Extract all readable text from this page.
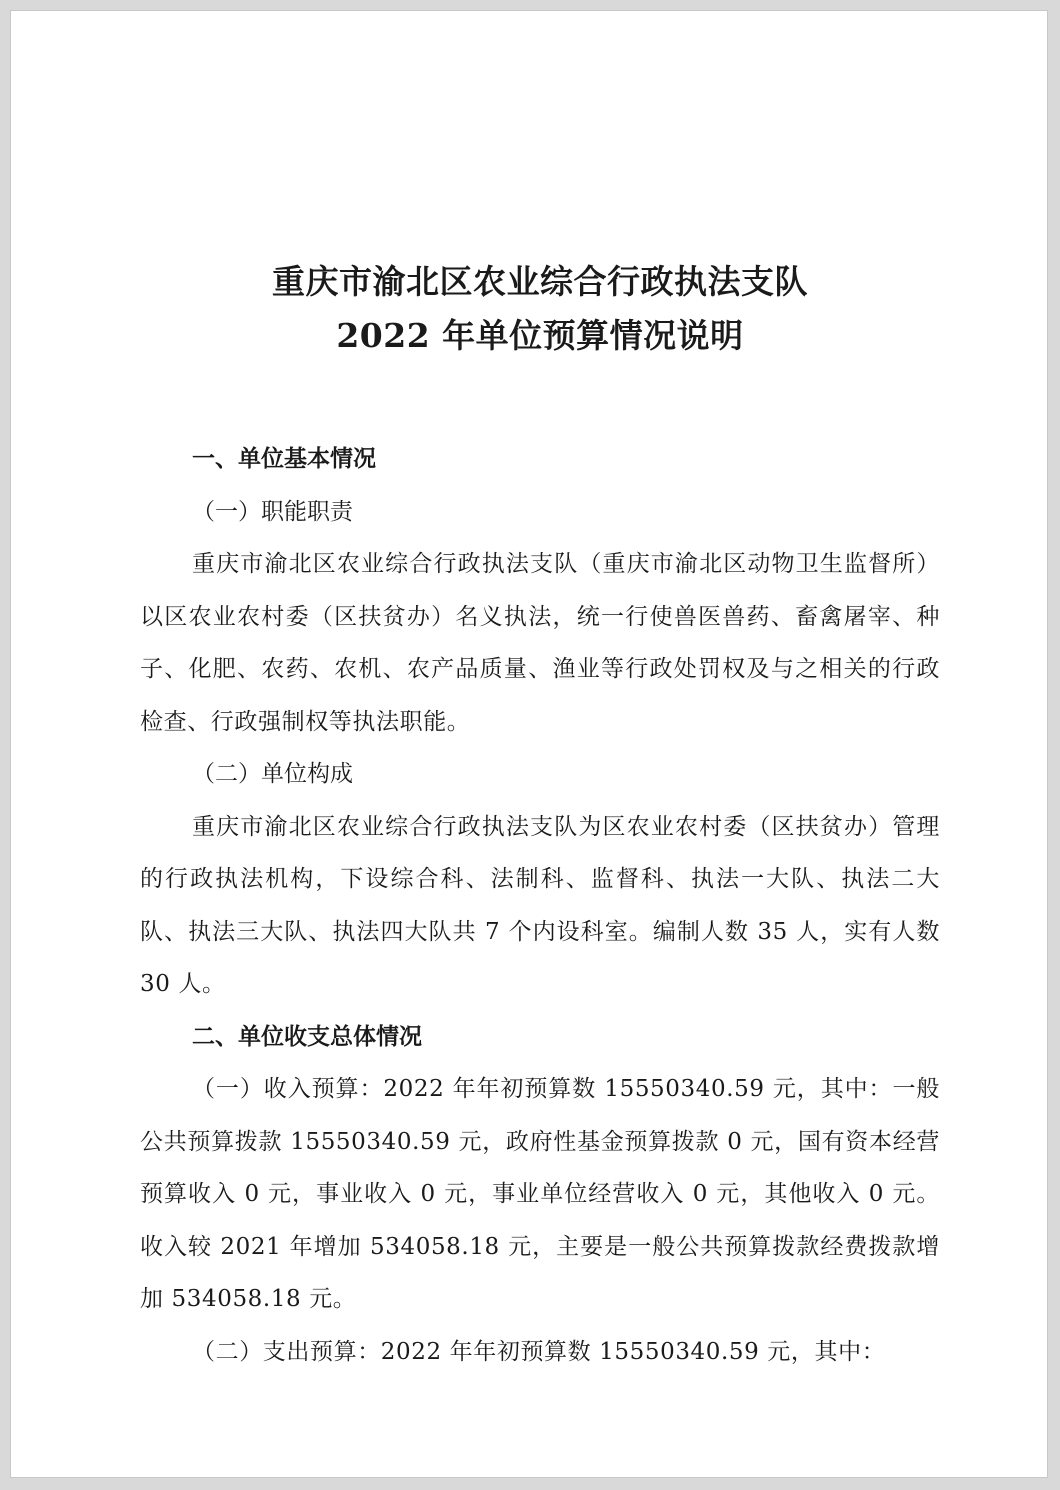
重庆市渝北区农业综合行政执法支队
2022 年单位预算情况说明

一、单位基本情况

（一）职能职责

重庆市渝北区农业综合行政执法支队（重庆市渝北区动物卫生监督所）以区农业农村委（区扶贫办）名义执法，统一行使兽医兽药、畜禽屠宰、种子、化肥、农药、农机、农产品质量、渔业等行政处罚权及与之相关的行政检查、行政强制权等执法职能。

（二）单位构成

重庆市渝北区农业综合行政执法支队为区农业农村委（区扶贫办）管理的行政执法机构，下设综合科、法制科、监督科、执法一大队、执法二大队、执法三大队、执法四大队共 7 个内设科室。编制人数 35 人，实有人数 30 人。

二、单位收支总体情况

（一）收入预算：2022 年年初预算数 15550340.59 元，其中：一般公共预算拨款 15550340.59 元，政府性基金预算拨款 0 元，国有资本经营预算收入 0 元，事业收入 0 元，事业单位经营收入 0 元，其他收入 0 元。收入较 2021 年增加 534058.18 元，主要是一般公共预算拨款经费拨款增加 534058.18 元。

（二）支出预算：2022 年年初预算数 15550340.59 元，其中：
